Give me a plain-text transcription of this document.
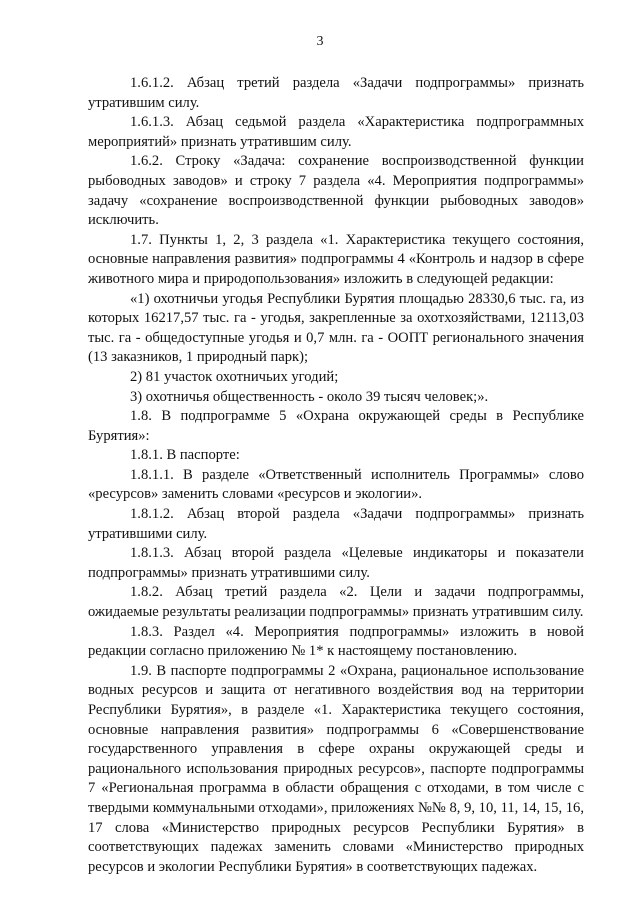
3

1.6.1.2. Абзац третий раздела «Задачи подпрограммы» признать утратившим силу.

1.6.1.3. Абзац седьмой раздела «Характеристика подпрограммных мероприятий» признать утратившим силу.

1.6.2. Строку «Задача: сохранение воспроизводственной функции рыбоводных заводов» и строку 7 раздела «4. Мероприятия подпрограммы» задачу «сохранение воспроизводственной функции рыбоводных заводов» исключить.

1.7. Пункты 1, 2, 3 раздела «1. Характеристика текущего состояния, основные направления развития» подпрограммы 4 «Контроль и надзор в сфере животного мира и природопользования» изложить в следующей редакции:

«1) охотничьи угодья Республики Бурятия площадью 28330,6 тыс. га, из которых 16217,57 тыс. га - угодья, закрепленные за охотхозяйствами, 12113,03 тыс. га - общедоступные угодья и 0,7 млн. га - ООПТ регионального значения (13 заказников, 1 природный парк);

2) 81 участок охотничьих угодий;

3) охотничья общественность - около 39 тысяч человек;».

1.8. В подпрограмме 5 «Охрана окружающей среды в Республике Бурятия»:

1.8.1. В паспорте:

1.8.1.1. В разделе «Ответственный исполнитель Программы» слово «ресурсов» заменить словами «ресурсов и экологии».

1.8.1.2. Абзац второй раздела «Задачи подпрограммы» признать утратившими силу.

1.8.1.3. Абзац второй раздела «Целевые индикаторы и показатели подпрограммы» признать утратившими силу.

1.8.2. Абзац третий раздела «2. Цели и задачи подпрограммы, ожидаемые результаты реализации подпрограммы» признать утратившим силу.

1.8.3. Раздел «4. Мероприятия подпрограммы» изложить в новой редакции согласно приложению № 1* к настоящему постановлению.

1.9. В паспорте подпрограммы 2 «Охрана, рациональное использование водных ресурсов и защита от негативного воздействия вод на территории Республики Бурятия», в разделе «1. Характеристика текущего состояния, основные направления развития» подпрограммы 6 «Совершенствование государственного управления в сфере охраны окружающей среды и рационального использования природных ресурсов», паспорте подпрограммы 7 «Региональная программа в области обращения с отходами, в том числе с твердыми коммунальными отходами», приложениях №№ 8, 9, 10, 11, 14, 15, 16, 17 слова «Министерство природных ресурсов Республики Бурятия» в соответствующих падежах заменить словами «Министерство природных ресурсов и экологии Республики Бурятия» в соответствующих падежах.
